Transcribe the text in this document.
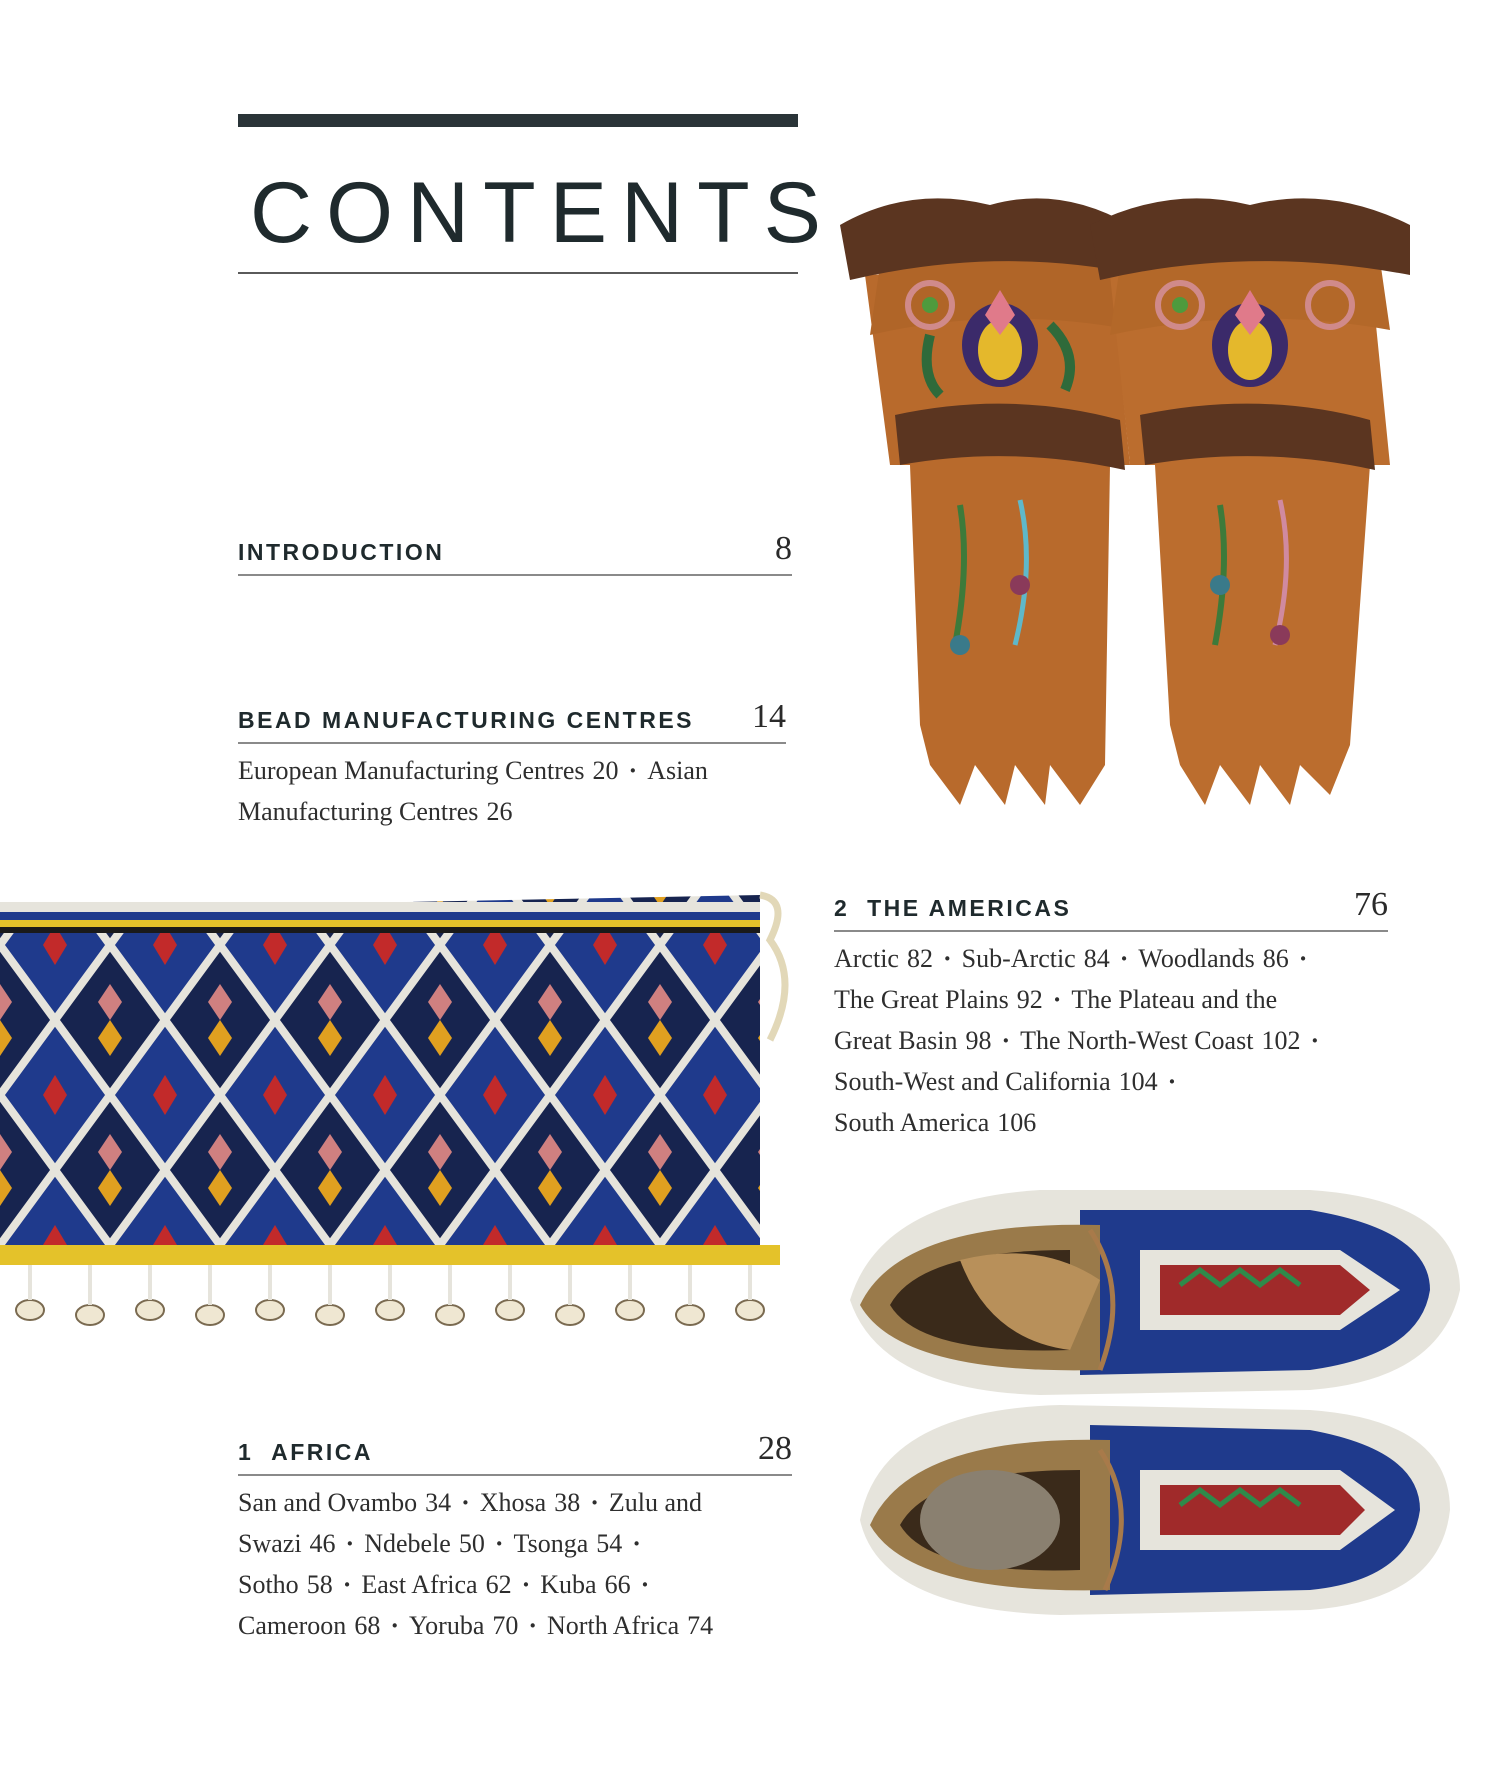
CONTENTS
INTRODUCTION	8
BEAD MANUFACTURING CENTRES 14
European Manufacturing Centres 20 · Asian
Manufacturing Centres 26
2 THE AMERICAS	76
Arctic 82 · Sub-Arctic 84 · Woodlands 86 ·
The Great Plains 92 · The Plateau and the
Great Basin 98 · The North-West Coast 102 ·
South-West and California 104 ·
South America 106
1 AFRICA	28
San and Ovambo 34 · Xhosa 38 · Zulu and
Swazi 46 · Ndebele 50 · Tsonga 54 ·
Sotho 58 · East Africa 62 · Kuba 66 ·
Cameroon 68 · Yoruba 70 · North Africa 74
